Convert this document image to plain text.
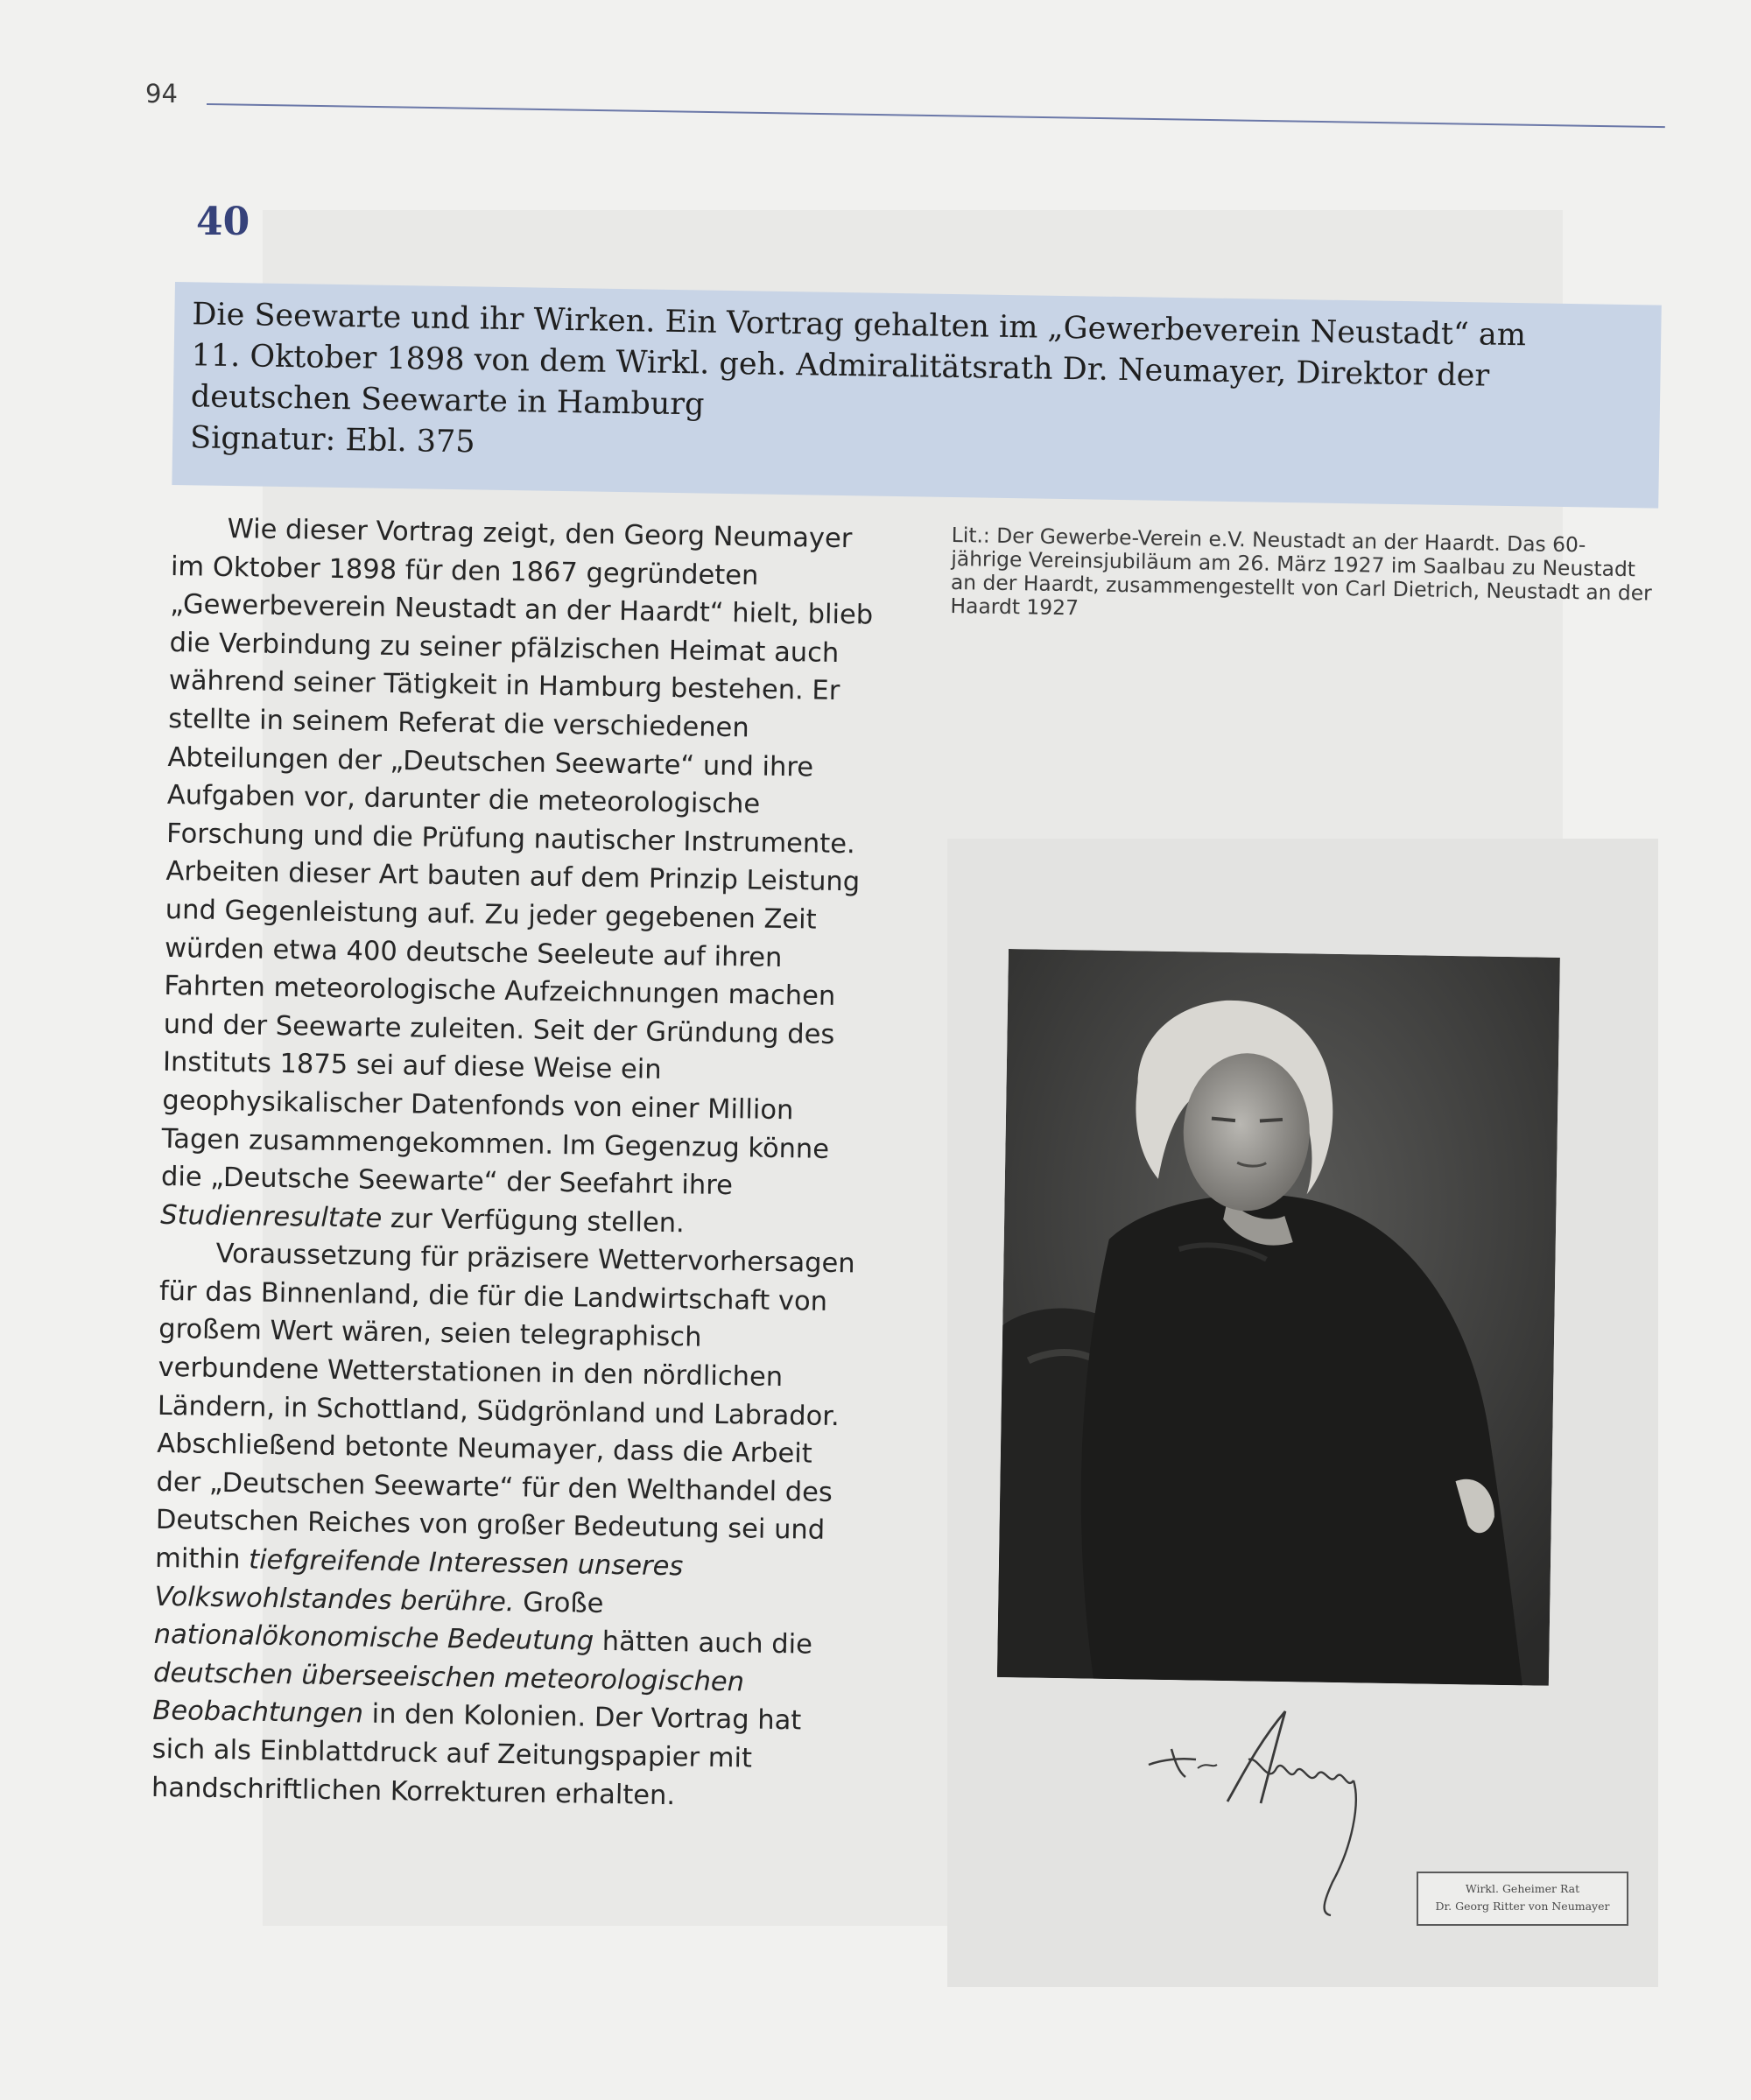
94
40

Die Seewarte und ihr Wirken. Ein Vortrag gehalten im „Gewerbeverein Neustadt“ am 11. Oktober 1898 von dem Wirkl. geh. Admiralitätsrath Dr. Neumayer, Direktor der deutschen Seewarte in Hamburg

Signatur: Ebl. 375

Wie dieser Vortrag zeigt, den Georg Neumayer im Oktober 1898 für den 1867 gegründeten „Gewerbeverein Neustadt an der Haardt“ hielt, blieb die Verbindung zu seiner pfälzischen Heimat auch während seiner Tätigkeit in Hamburg bestehen. Er stellte in seinem Referat die verschiedenen Abteilungen der „Deutschen Seewarte“ und ihre Aufgaben vor, darunter die meteorologische Forschung und die Prüfung nautischer Instrumente. Arbeiten dieser Art bauten auf dem Prinzip Leistung und Gegenleistung auf. Zu jeder gegebenen Zeit würden etwa 400 deutsche Seeleute auf ihren Fahrten meteorologische Aufzeichnungen machen und der Seewarte zuleiten. Seit der Gründung des Instituts 1875 sei auf diese Weise ein geophysikalischer Datenfonds von einer Million Tagen zusammengekommen. Im Gegenzug könne die „Deutsche Seewarte“ der Seefahrt ihre Studienresultate zur Verfügung stellen.

Voraussetzung für präzisere Wettervorhersagen für das Binnenland, die für die Landwirtschaft von großem Wert wären, seien telegraphisch verbundene Wetterstationen in den nördlichen Ländern, in Schottland, Südgrönland und Labrador. Abschließend betonte Neumayer, dass die Arbeit der „Deutschen Seewarte“ für den Welthandel des Deutschen Reiches von großer Bedeutung sei und mithin tiefgreifende Interessen unseres Volkswohlstandes berühre. Große nationalökonomische Bedeutung hätten auch die deutschen überseeischen meteorologischen Beobachtungen in den Kolonien. Der Vortrag hat sich als Einblattdruck auf Zeitungspapier mit handschriftlichen Korrekturen erhalten.

Lit.: Der Gewerbe-Verein e.V. Neustadt an der Haardt. Das 60-jährige Vereinsjubiläum am 26. März 1927 im Saalbau zu Neustadt an der Haardt, zusammengestellt von Carl Dietrich, Neustadt an der Haardt 1927
Wirkl. Geheimer Rat
Dr. Georg Ritter von Neumayer
